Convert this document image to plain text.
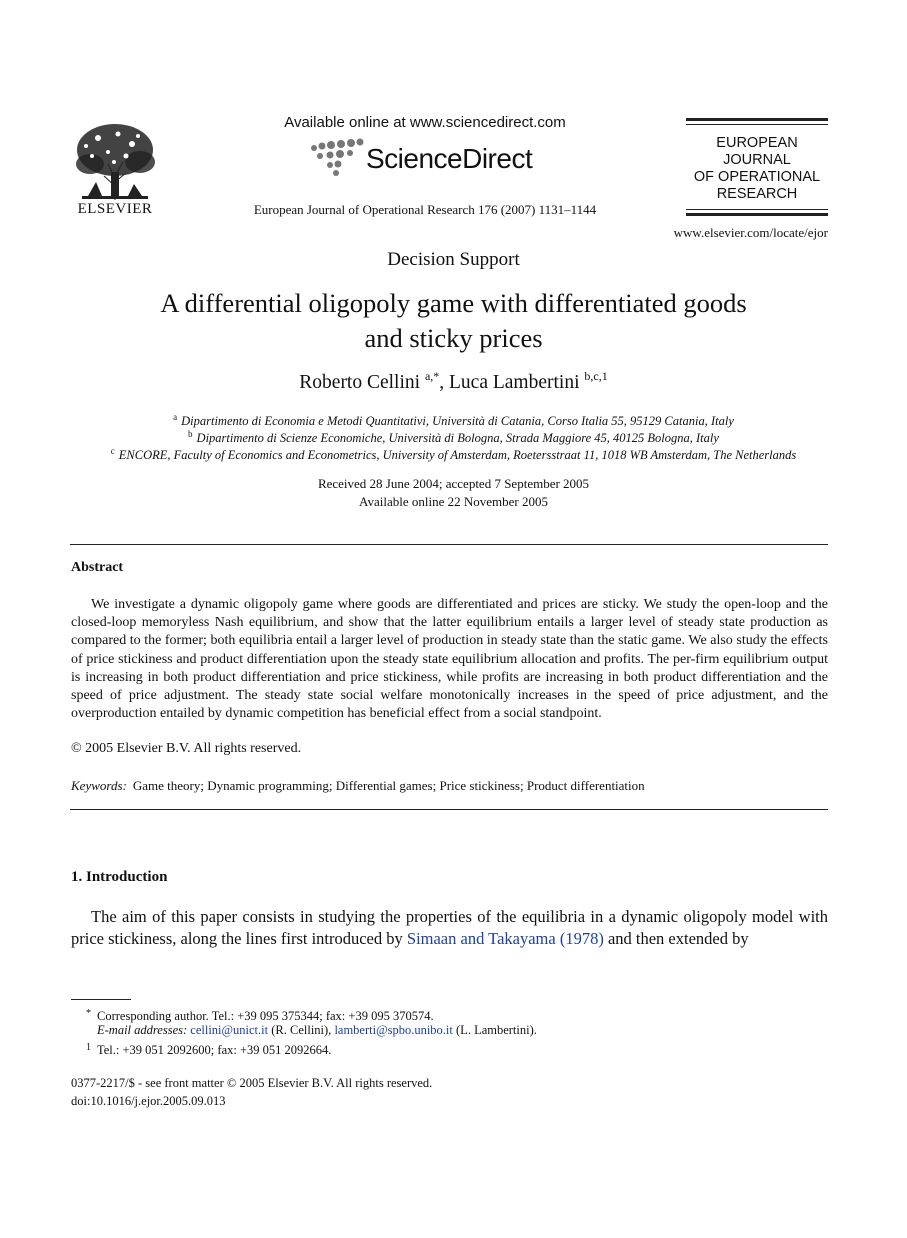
ELSEVIER
Available online at www.sciencedirect.com
ScienceDirect
European Journal of Operational Research 176 (2007) 1131–1144
EUROPEAN
JOURNAL
OF OPERATIONAL
RESEARCH
www.elsevier.com/locate/ejor
Decision Support
A differential oligopoly game with differentiated goods
and sticky prices
Roberto Cellini $^{a,*}$, Luca Lambertini $^{b,c,1}$
$^a$ Dipartimento di Economia e Metodi Quantitativi, Università di Catania, Corso Italia 55, 95129 Catania, Italy
$^b$ Dipartimento di Scienze Economiche, Università di Bologna, Strada Maggiore 45, 40125 Bologna, Italy
$^c$ ENCORE, Faculty of Economics and Econometrics, University of Amsterdam, Roetersstraat 11, 1018 WB Amsterdam, The Netherlands
Received 28 June 2004; accepted 7 September 2005
Available online 22 November 2005
Abstract

We investigate a dynamic oligopoly game where goods are differentiated and prices are sticky. We study the open-loop and the closed-loop memoryless Nash equilibrium, and show that the latter equilibrium entails a larger level of steady state production as compared to the former; both equilibria entail a larger level of production in steady state than the static game. We also study the effects of price stickiness and product differentiation upon the steady state equilibrium allocation and profits. The per-firm equilibrium output is increasing in both product differentiation and price stickiness, while profits are increasing in both product differentiation and the speed of price adjustment. The steady state social welfare monotonically increases in the speed of price adjustment, and the overproduction entailed by dynamic competition has beneficial effect from a social standpoint.

© 2005 Elsevier B.V. All rights reserved.
Keywords: Game theory; Dynamic programming; Differential games; Price stickiness; Product differentiation
1. Introduction
The aim of this paper consists in studying the properties of the equilibria in a dynamic oligopoly model with price stickiness, along the lines first introduced by Simaan and Takayama (1978) and then extended by
* Corresponding author. Tel.: +39 095 375344; fax: +39 095 370574.
E-mail addresses: cellini@unict.it (R. Cellini), lamberti@spbo.unibo.it (L. Lambertini).
1 Tel.: +39 051 2092600; fax: +39 051 2092664.
0377-2217/$ - see front matter © 2005 Elsevier B.V. All rights reserved.
doi:10.1016/j.ejor.2005.09.013
